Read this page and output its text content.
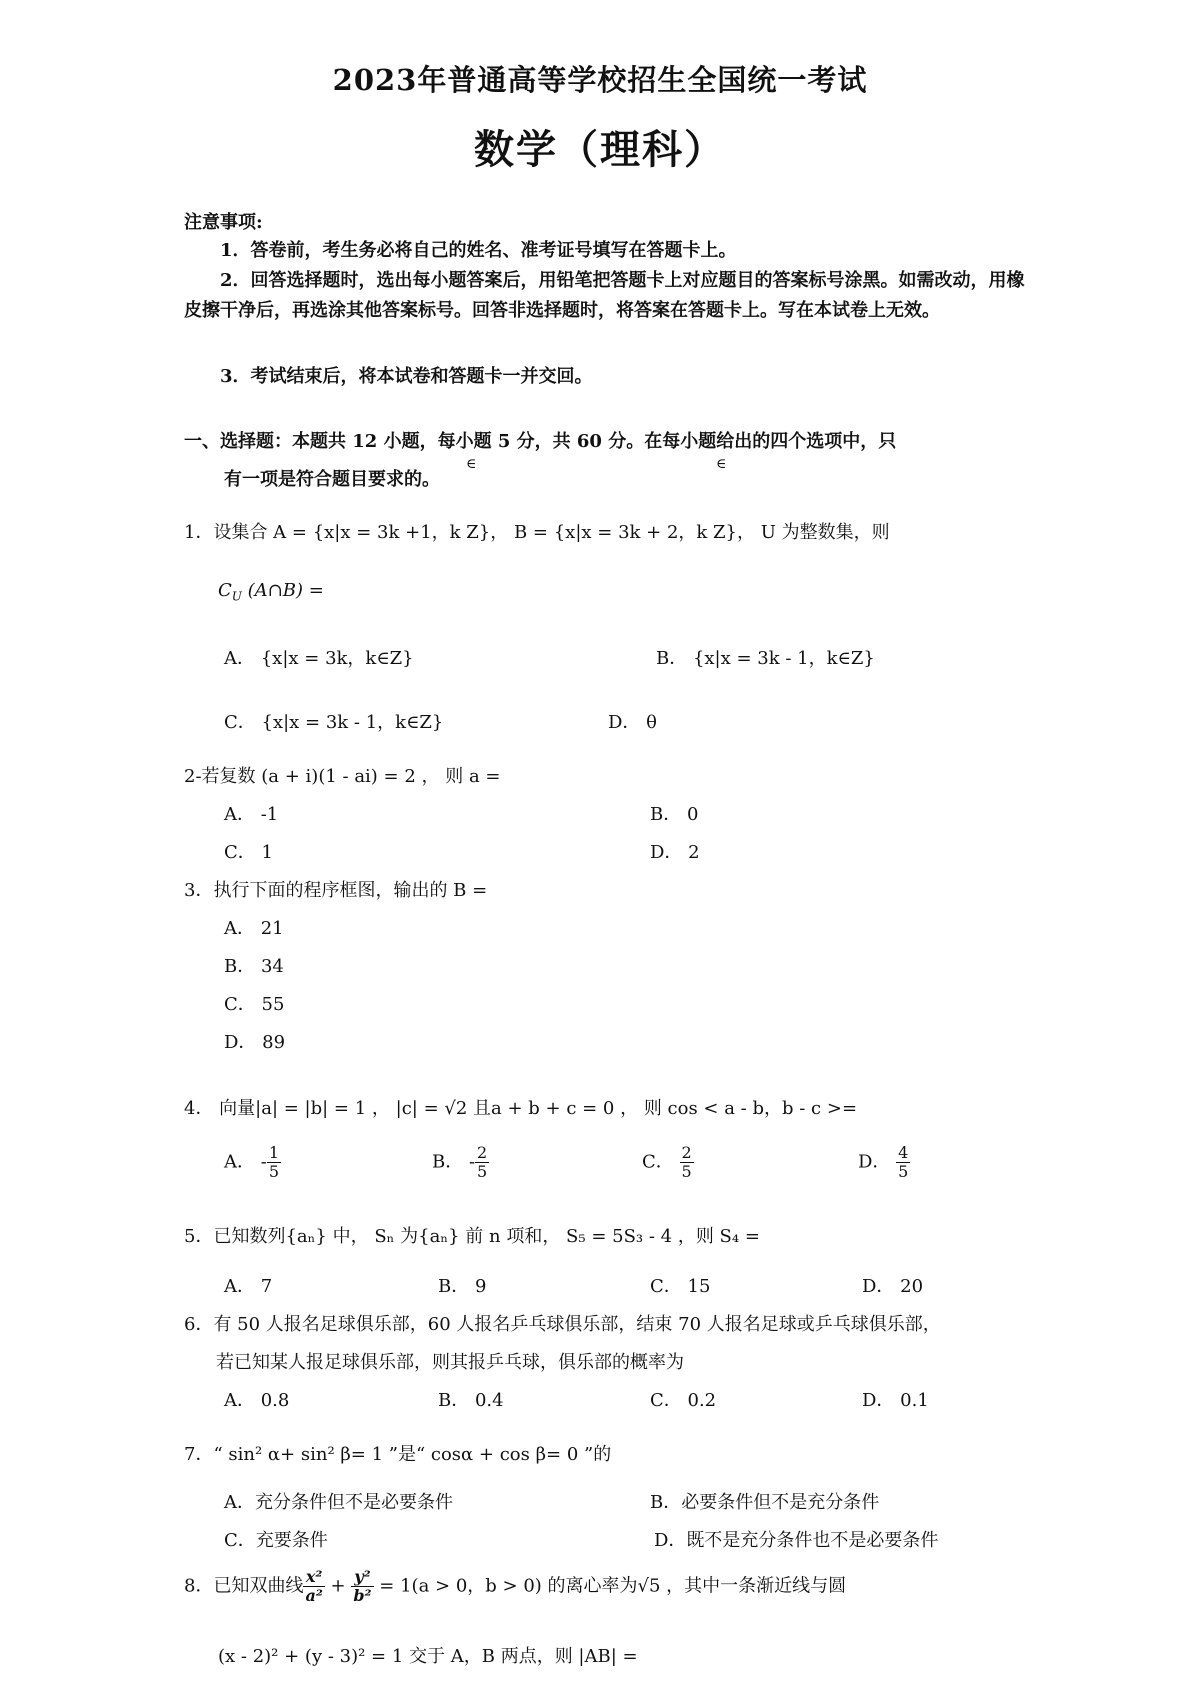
2023年普通高等学校招生全国统一考试
数学（理科）
注意事项:
1．答卷前，考生务必将自己的姓名、准考证号填写在答题卡上。
2．回答选择题时，选出每小题答案后，用铅笔把答题卡上对应题目的答案标号涂黑。如需改动，用橡皮擦干净后，再选涂其他答案标号。回答非选择题时，将答案在答题卡上。写在本试卷上无效。
3．考试结束后，将本试卷和答题卡一并交回。
一、选择题：本题共 12 小题，每小题 5 分，共 60 分。在每小题给出的四个选项中，只
有一项是符合题目要求的。
∈	∈
1．设集合 A = {x|x = 3k +1，k Z}， B = {x|x = 3k + 2，k Z}， U 为整数集，则
$C_U$ (A∩B) =
A． {x|x = 3k，k∈Z}	B． {x|x = 3k - 1，k∈Z}
C． {x|x = 3k - 1，k∈Z}	D． θ
2-若复数 (a + i)(1 - ai) = 2 ， 则 a =
A． -1	B． 0
C． 1	D． 2
3．执行下面的程序框图，输出的 B =
A． 21
B． 34
C． 55
D． 89
4． 向量|a| = |b| = 1 ， |c| = √2 且a + b + c = 0 ， 则 cos < a - b，b - c >=
A． - $\frac{1}{5}$	B． - $\frac{2}{5}$	C． $\frac{2}{5}$	D． $\frac{4}{5}$
5．已知数列{aₙ} 中， Sₙ 为{aₙ} 前 n 项和， S₅ = 5S₃ - 4 ，则 S₄ =
A． 7	B． 9	C． 15	D． 20
6．有 50 人报名足球俱乐部，60 人报名乒乓球俱乐部，结束 70 人报名足球或乒乓球俱乐部，
若已知某人报足球俱乐部，则其报乒乓球，俱乐部的概率为
A． 0.8	B． 0.4	C． 0.2	D． 0.1
7．“ sin² α+ sin² β= 1 ”是“ cosα + cos β= 0 ”的
A．充分条件但不是必要条件	B．必要条件但不是充分条件
C．充要条件	D．既不是充分条件也不是必要条件
8．已知双曲线 $\frac{\text{x²}}{\text{a²}} + \frac{\text{y²}}{\text{b²}} = 1(a > 0$，b > 0) 的离心率为√5 ，其中一条渐近线与圆
(x - 2)² + (y - 3)² = 1 交于 A，B 两点，则 |AB| =
